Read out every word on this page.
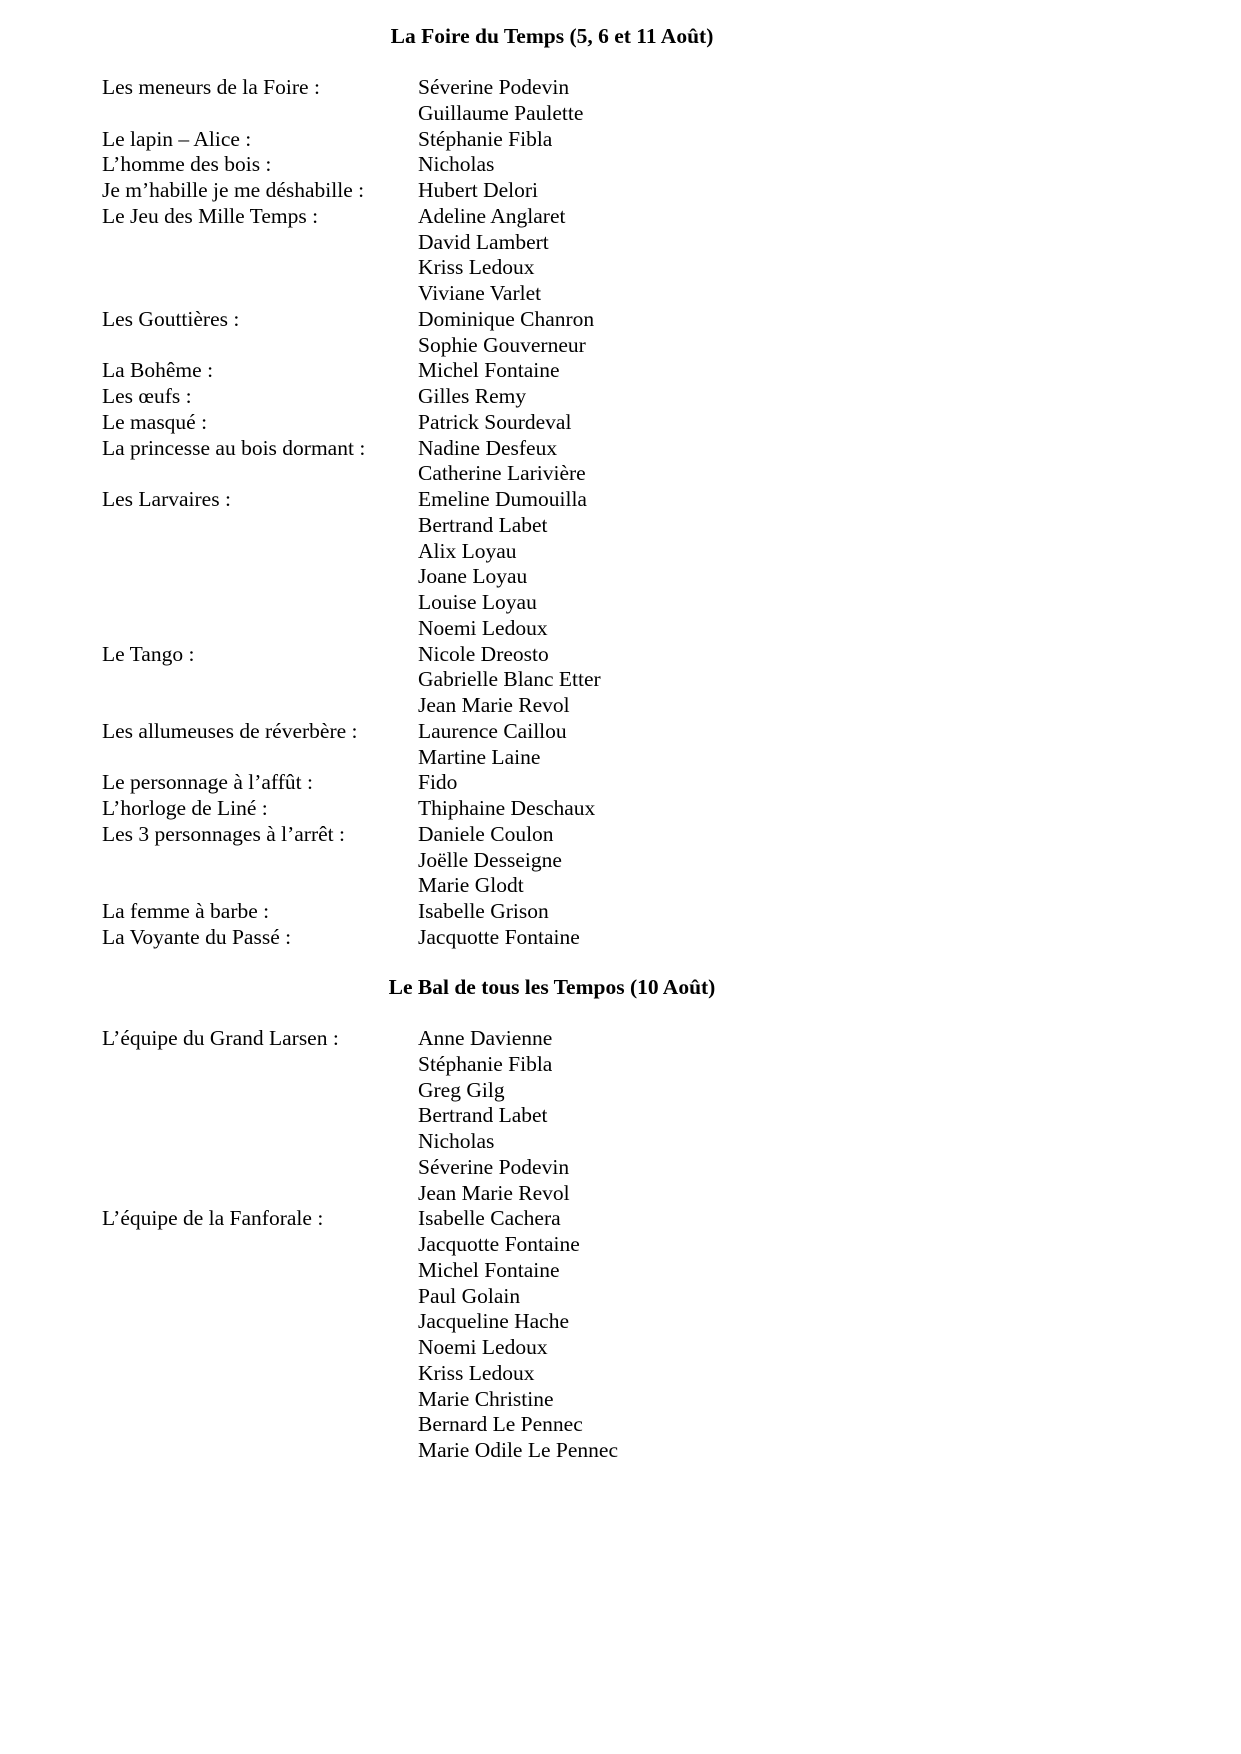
La Foire du Temps (5, 6 et 11 Août)
Les meneurs de la Foire :	Séverine Podevin
Guillaume Paulette
Le lapin – Alice :	Stéphanie Fibla
L’homme des bois :	Nicholas
Je m’habille je me déshabille :	Hubert Delori
Le Jeu des Mille Temps :	Adeline Anglaret
David Lambert
Kriss Ledoux
Viviane Varlet
Les Gouttières :	Dominique Chanron
Sophie Gouverneur
La Bohême :	Michel Fontaine
Les œufs :	Gilles Remy
Le masqué :	Patrick Sourdeval
La princesse au bois dormant :	Nadine Desfeux
Catherine Larivière
Les Larvaires :	Emeline Dumouilla
Bertrand Labet
Alix Loyau
Joane Loyau
Louise Loyau
Noemi Ledoux
Le Tango :	Nicole Dreosto
Gabrielle Blanc Etter
Jean Marie Revol
Les allumeuses de réverbère :	Laurence Caillou
Martine Laine
Le personnage à l’affût :	Fido
L’horloge de Liné :	Thiphaine Deschaux
Les 3 personnages à l’arrêt :	Daniele Coulon
Joëlle Desseigne
Marie Glodt
La femme à barbe :	Isabelle Grison
La Voyante du Passé :	Jacquotte Fontaine
Le Bal de tous les Tempos (10 Août)
L’équipe du Grand Larsen :	Anne Davienne
Stéphanie Fibla
Greg Gilg
Bertrand Labet
Nicholas
Séverine Podevin
Jean Marie Revol
L’équipe de la Fanforale :	Isabelle Cachera
Jacquotte Fontaine
Michel Fontaine
Paul Golain
Jacqueline Hache
Noemi Ledoux
Kriss Ledoux
Marie Christine
Bernard Le Pennec
Marie Odile Le Pennec
